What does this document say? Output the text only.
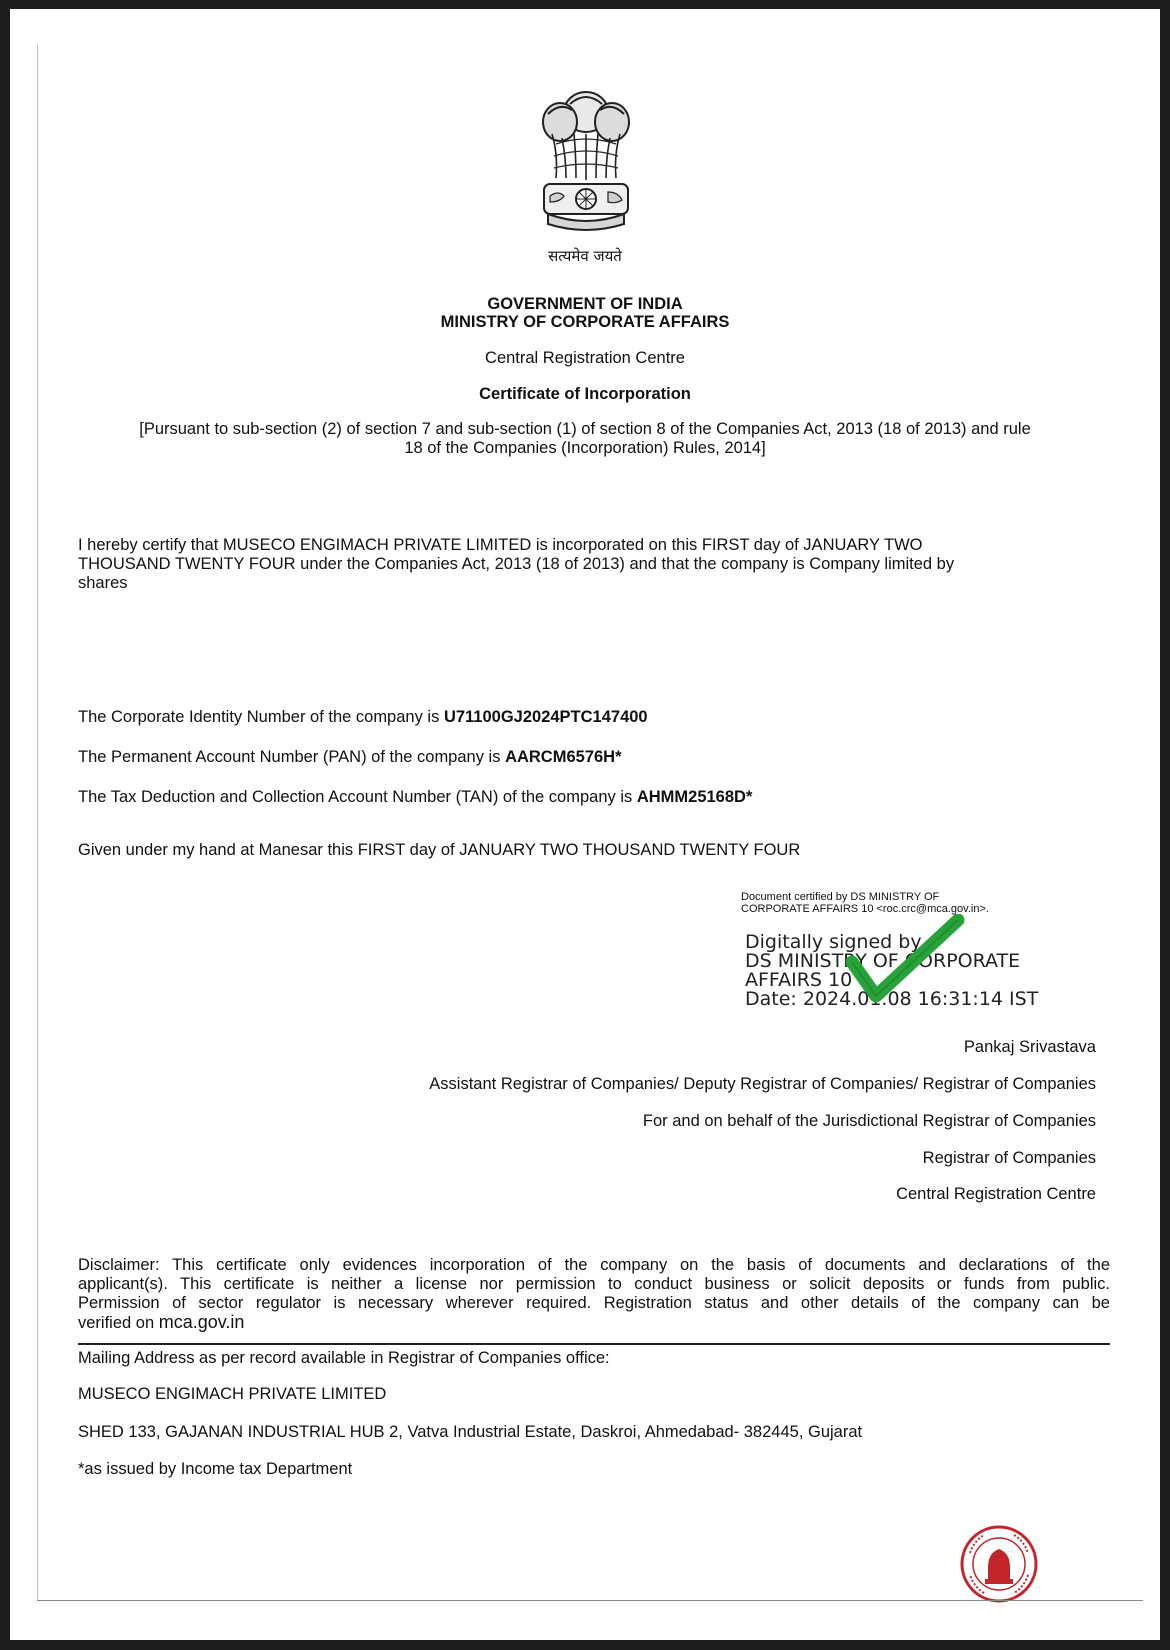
सत्यमेव जयते
GOVERNMENT OF INDIA
MINISTRY OF CORPORATE AFFAIRS
Central Registration Centre
Certificate of Incorporation
[Pursuant to sub-section (2) of section 7 and sub-section (1) of section 8 of the Companies Act, 2013 (18 of 2013) and rule
18 of the Companies (Incorporation) Rules, 2014]
I hereby certify that MUSECO ENGIMACH PRIVATE LIMITED is incorporated on this FIRST day of JANUARY TWO
THOUSAND TWENTY FOUR under the Companies Act, 2013 (18 of 2013) and that the company is Company limited by
shares
The Corporate Identity Number of the company is U71100GJ2024PTC147400
The Permanent Account Number (PAN) of the company is AARCM6576H*
The Tax Deduction and Collection Account Number (TAN) of the company is AHMM25168D*
Given under my hand at Manesar this FIRST day of JANUARY TWO THOUSAND TWENTY FOUR
Document certified by DS MINISTRY OF
CORPORATE AFFAIRS 10 <roc.crc@mca.gov.in>.
Digitally signed by
DS MINISTRY OF CORPORATE
AFFAIRS 10
Date: 2024.01.08 16:31:14 IST
Pankaj Srivastava
Assistant Registrar of Companies/ Deputy Registrar of Companies/ Registrar of Companies
For and on behalf of the Jurisdictional Registrar of Companies
Registrar of Companies
Central Registration Centre
Disclaimer: This certificate only evidences incorporation of the company on the basis of documents and declarations of the
applicant(s). This certificate is neither a license nor permission to conduct business or solicit deposits or funds from public.
Permission of sector regulator is necessary wherever required. Registration status and other details of the company can be
verified on mca.gov.in
Mailing Address as per record available in Registrar of Companies office:
MUSECO ENGIMACH PRIVATE LIMITED
SHED 133, GAJANAN INDUSTRIAL HUB 2, Vatva Industrial Estate, Daskroi, Ahmedabad- 382445, Gujarat
*as issued by Income tax Department
